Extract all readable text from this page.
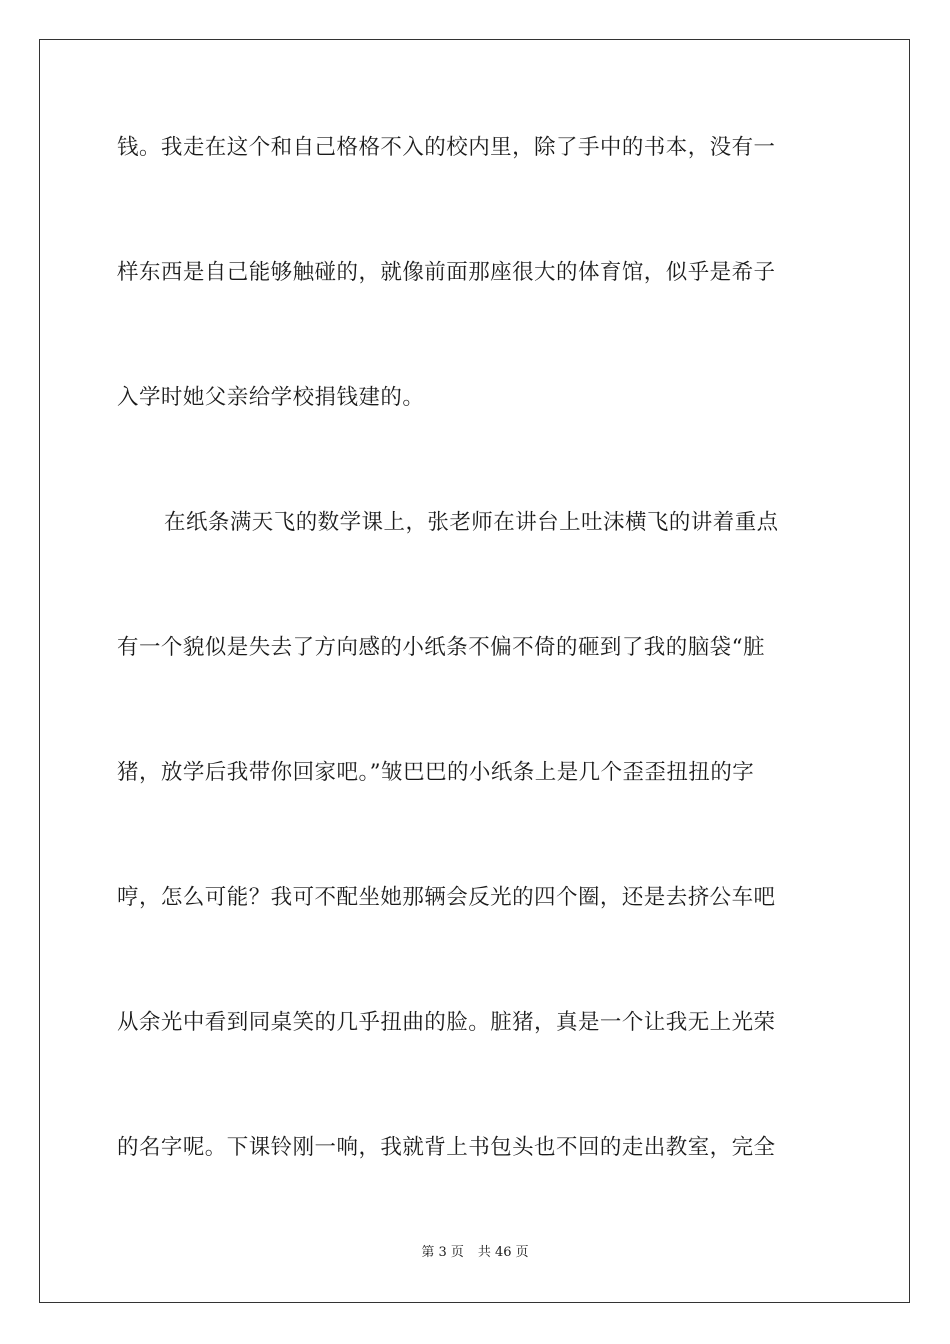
钱。我走在这个和自己格格不入的校内里，除了手中的书本，没有一
样东西是自己能够触碰的，就像前面那座很大的体育馆，似乎是希子
入学时她父亲给学校捐钱建的。
在纸条满天飞的数学课上，张老师在讲台上吐沫横飞的讲着重点
有一个貌似是失去了方向感的小纸条不偏不倚的砸到了我的脑袋“脏
猪，放学后我带你回家吧。”皱巴巴的小纸条上是几个歪歪扭扭的字
哼，怎么可能？我可不配坐她那辆会反光的四个圈，还是去挤公车吧
从余光中看到同桌笑的几乎扭曲的脸。脏猪，真是一个让我无上光荣
的名字呢。下课铃刚一响，我就背上书包头也不回的走出教室，完全
第 3 页 共 46 页
